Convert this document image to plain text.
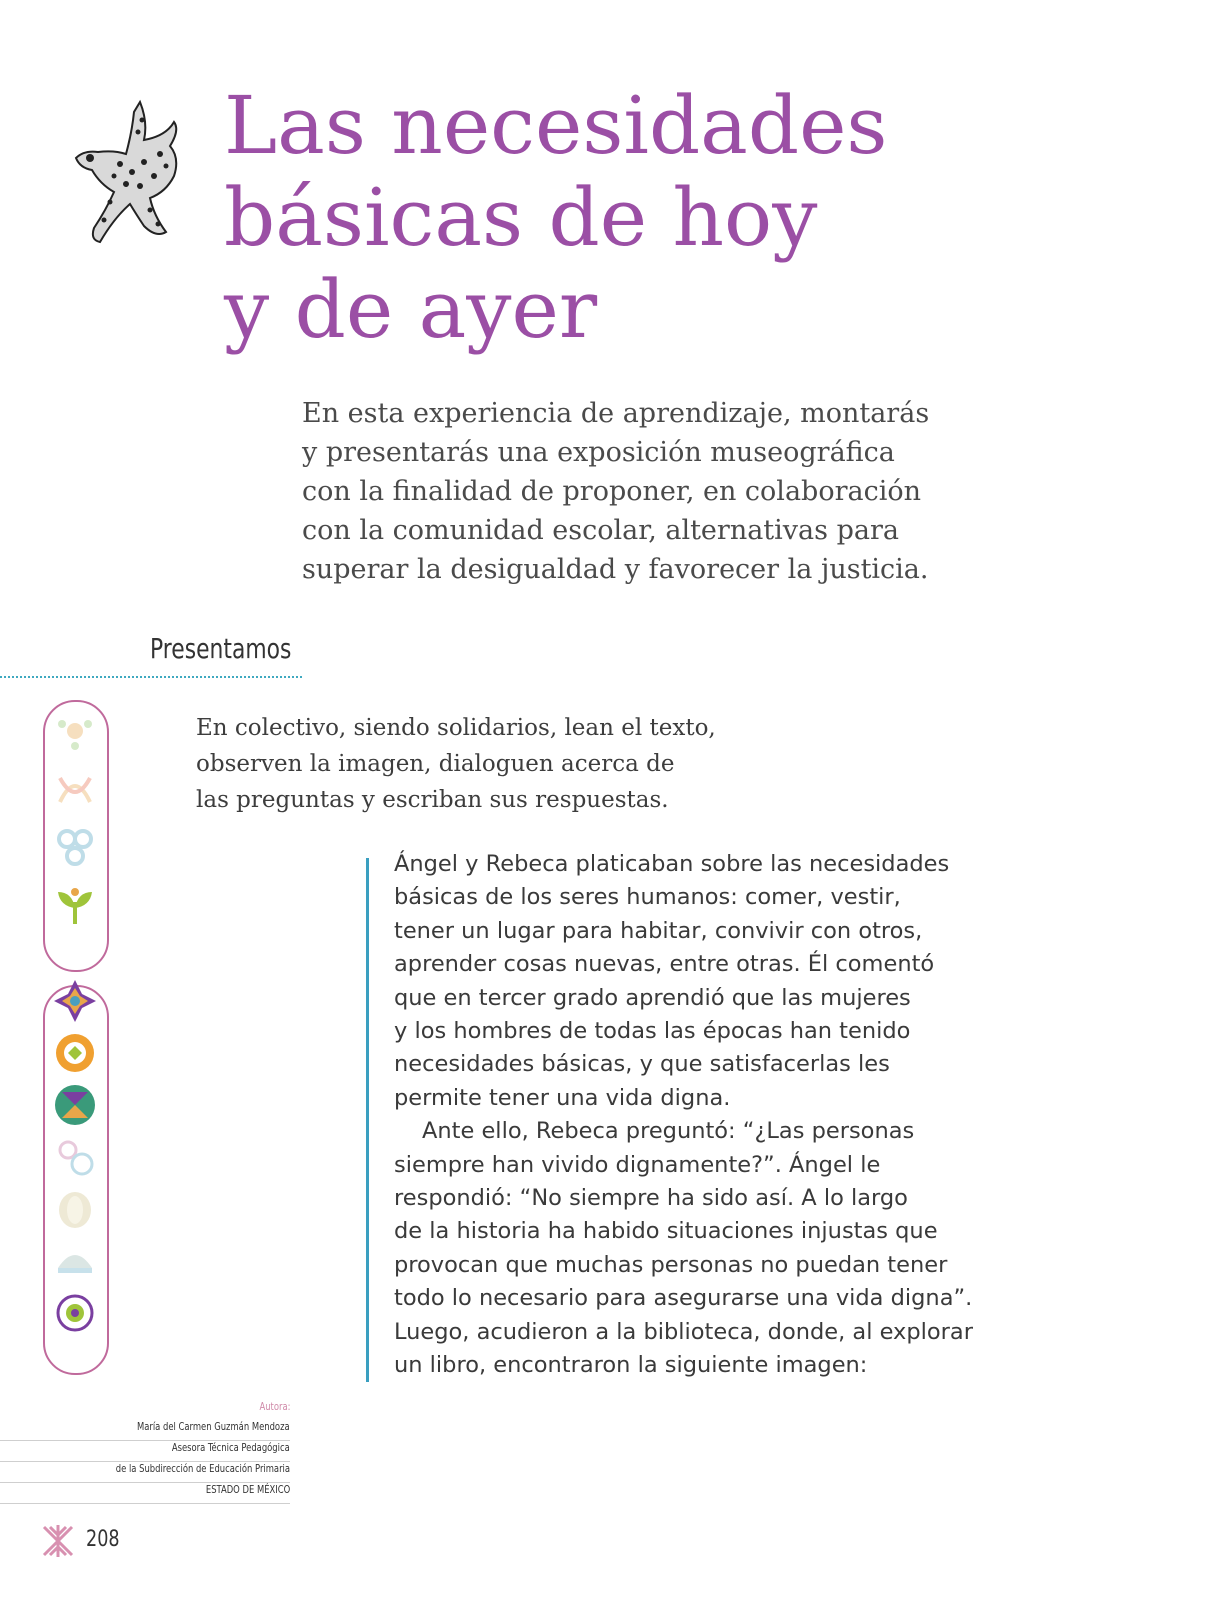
Las necesidades
básicas de hoy
y de ayer

En esta experiencia de aprendizaje, montarás
y presentarás una exposición museográfica
con la finalidad de proponer, en colaboración
con la comunidad escolar, alternativas para
superar la desigualdad y favorecer la justicia.

Presentamos

En colectivo, siendo solidarios, lean el texto,
observen la imagen, dialoguen acerca de
las preguntas y escriban sus respuestas.

Ángel y Rebeca platicaban sobre las necesidades
básicas de los seres humanos: comer, vestir,
tener un lugar para habitar, convivir con otros,
aprender cosas nuevas, entre otras. Él comentó
que en tercer grado aprendió que las mujeres
y los hombres de todas las épocas han tenido
necesidades básicas, y que satisfacerlas les
permite tener una vida digna.
Ante ello, Rebeca preguntó: “¿Las personas
siempre han vivido dignamente?”. Ángel le
respondió: “No siempre ha sido así. A lo largo
de la historia ha habido situaciones injustas que
provocan que muchas personas no puedan tener
todo lo necesario para asegurarse una vida digna”.
Luego, acudieron a la biblioteca, donde, al explorar
un libro, encontraron la siguiente imagen:

Autora:
María del Carmen Guzmán Mendoza
Asesora Técnica Pedagógica
de la Subdirección de Educación Primaria
ESTADO DE MÉXICO
208
